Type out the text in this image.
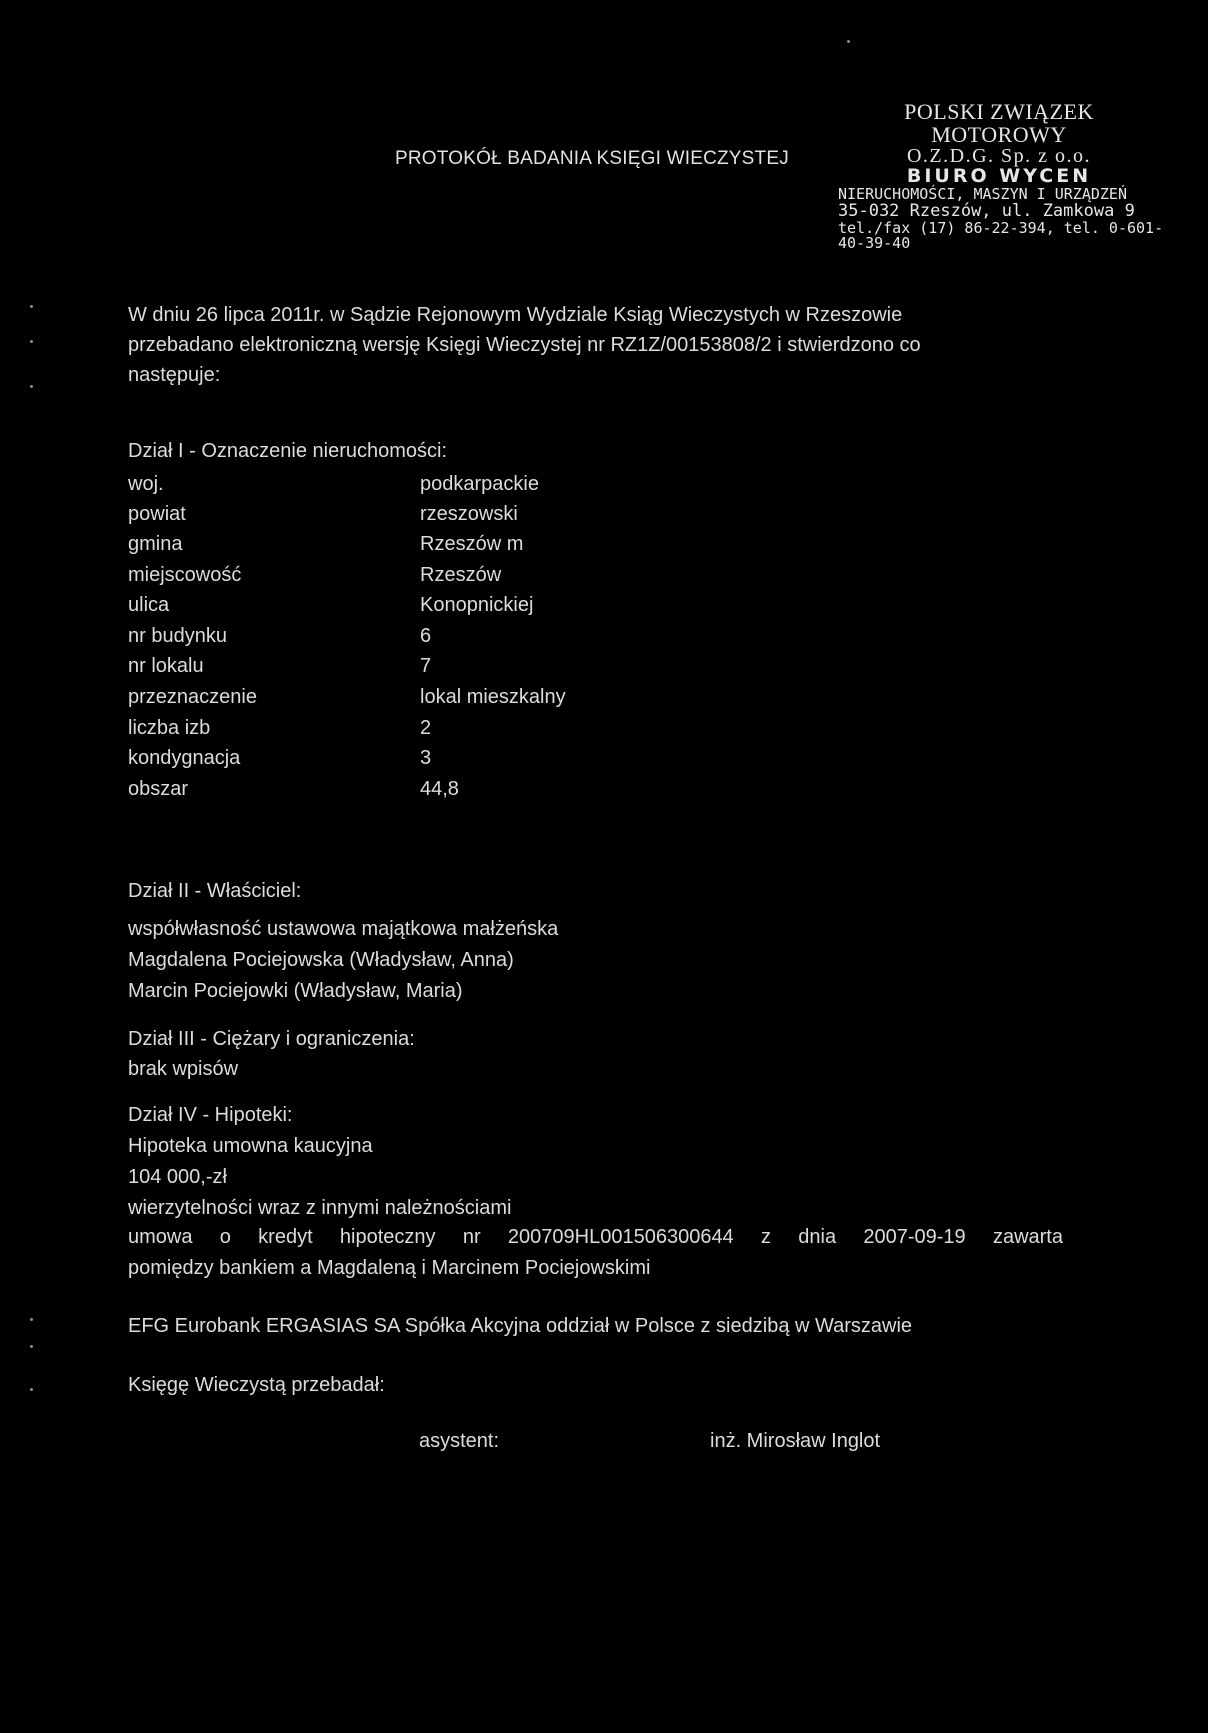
PROTOKÓŁ BADANIA KSIĘGI WIECZYSTEJ
POLSKI ZWIĄZEK MOTOROWY
O.Z.D.G. Sp. z o.o.
BIURO WYCEN
NIERUCHOMOŚCI, MASZYN I URZĄDZEŃ
35-032 Rzeszów, ul. Zamkowa 9
tel./fax (17) 86-22-394, tel. 0-601-40-39-40
W dniu 26 lipca 2011r. w Sądzie Rejonowym Wydziale Ksiąg Wieczystych w Rzeszowie
przebadano elektroniczną wersję Księgi Wieczystej nr RZ1Z/00153808/2 i stwierdzono co
następuje:
Dział I - Oznaczenie nieruchomości:
woj.	podkarpackie
powiat	rzeszowski
gmina	Rzeszów m
miejscowość	Rzeszów
ulica	Konopnickiej
nr budynku	6
nr lokalu	7
przeznaczenie	lokal mieszkalny
liczba izb	2
kondygnacja	3
obszar	44,8
Dział II - Właściciel:
współwłasność ustawowa majątkowa małżeńska
Magdalena Pociejowska (Władysław, Anna)
Marcin Pociejowki (Władysław, Maria)
Dział III - Ciężary i ograniczenia:
brak wpisów
Dział IV - Hipoteki:
Hipoteka umowna kaucyjna
104 000,-zł
wierzytelności wraz z innymi należnościami
umowa o kredyt hipoteczny nr 200709HL001506300644 z dnia 2007-09-19 zawarta
pomiędzy bankiem a Magdaleną i Marcinem Pociejowskimi
EFG Eurobank ERGASIAS SA Spółka Akcyjna oddział w Polsce z siedzibą w Warszawie
Księgę Wieczystą przebadał:
asystent:	inż. Mirosław Inglot
